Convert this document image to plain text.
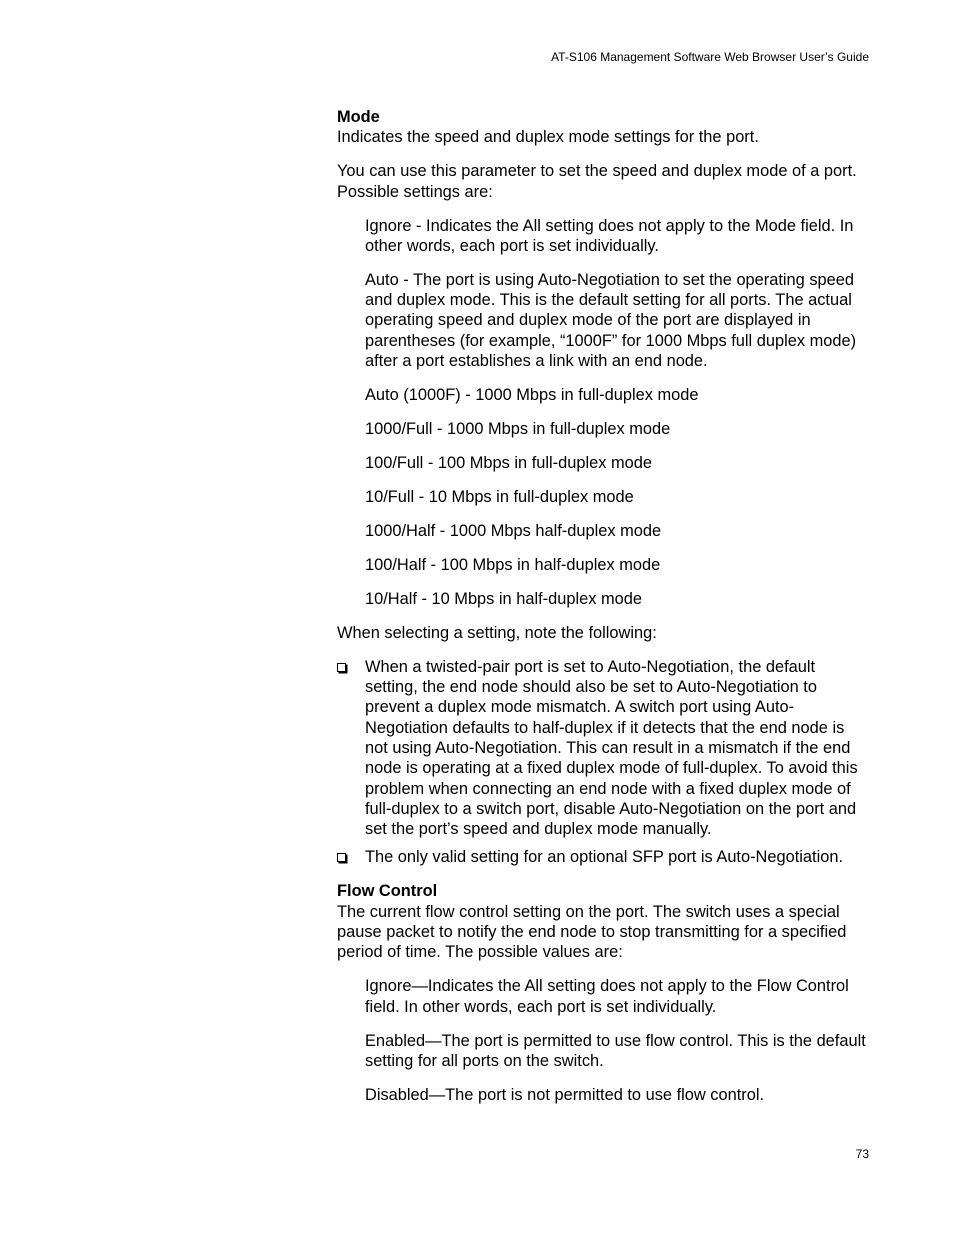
AT-S106 Management Software Web Browser User’s Guide
Mode

Indicates the speed and duplex mode settings for the port.

You can use this parameter to set the speed and duplex mode of a port. Possible settings are:

Ignore - Indicates the All setting does not apply to the Mode field. In other words, each port is set individually.

Auto - The port is using Auto-Negotiation to set the operating speed and duplex mode. This is the default setting for all ports. The actual operating speed and duplex mode of the port are displayed in parentheses (for example, “1000F” for 1000 Mbps full duplex mode) after a port establishes a link with an end node.

Auto (1000F) - 1000 Mbps in full-duplex mode

1000/Full - 1000 Mbps in full-duplex mode

100/Full - 100 Mbps in full-duplex mode

10/Full - 10 Mbps in full-duplex mode

1000/Half - 1000 Mbps half-duplex mode

100/Half - 100 Mbps in half-duplex mode

10/Half - 10 Mbps in half-duplex mode

When selecting a setting, note the following:

When a twisted-pair port is set to Auto-Negotiation, the default setting, the end node should also be set to Auto-Negotiation to prevent a duplex mode mismatch. A switch port using Auto-Negotiation defaults to half-duplex if it detects that the end node is not using Auto-Negotiation. This can result in a mismatch if the end node is operating at a fixed duplex mode of full-duplex. To avoid this problem when connecting an end node with a fixed duplex mode of full-duplex to a switch port, disable Auto-Negotiation on the port and set the port’s speed and duplex mode manually.
The only valid setting for an optional SFP port is Auto-Negotiation.
Flow Control

The current flow control setting on the port. The switch uses a special pause packet to notify the end node to stop transmitting for a specified period of time. The possible values are:

Ignore—Indicates the All setting does not apply to the Flow Control field. In other words, each port is set individually.

Enabled—The port is permitted to use flow control. This is the default setting for all ports on the switch.

Disabled—The port is not permitted to use flow control.

73
